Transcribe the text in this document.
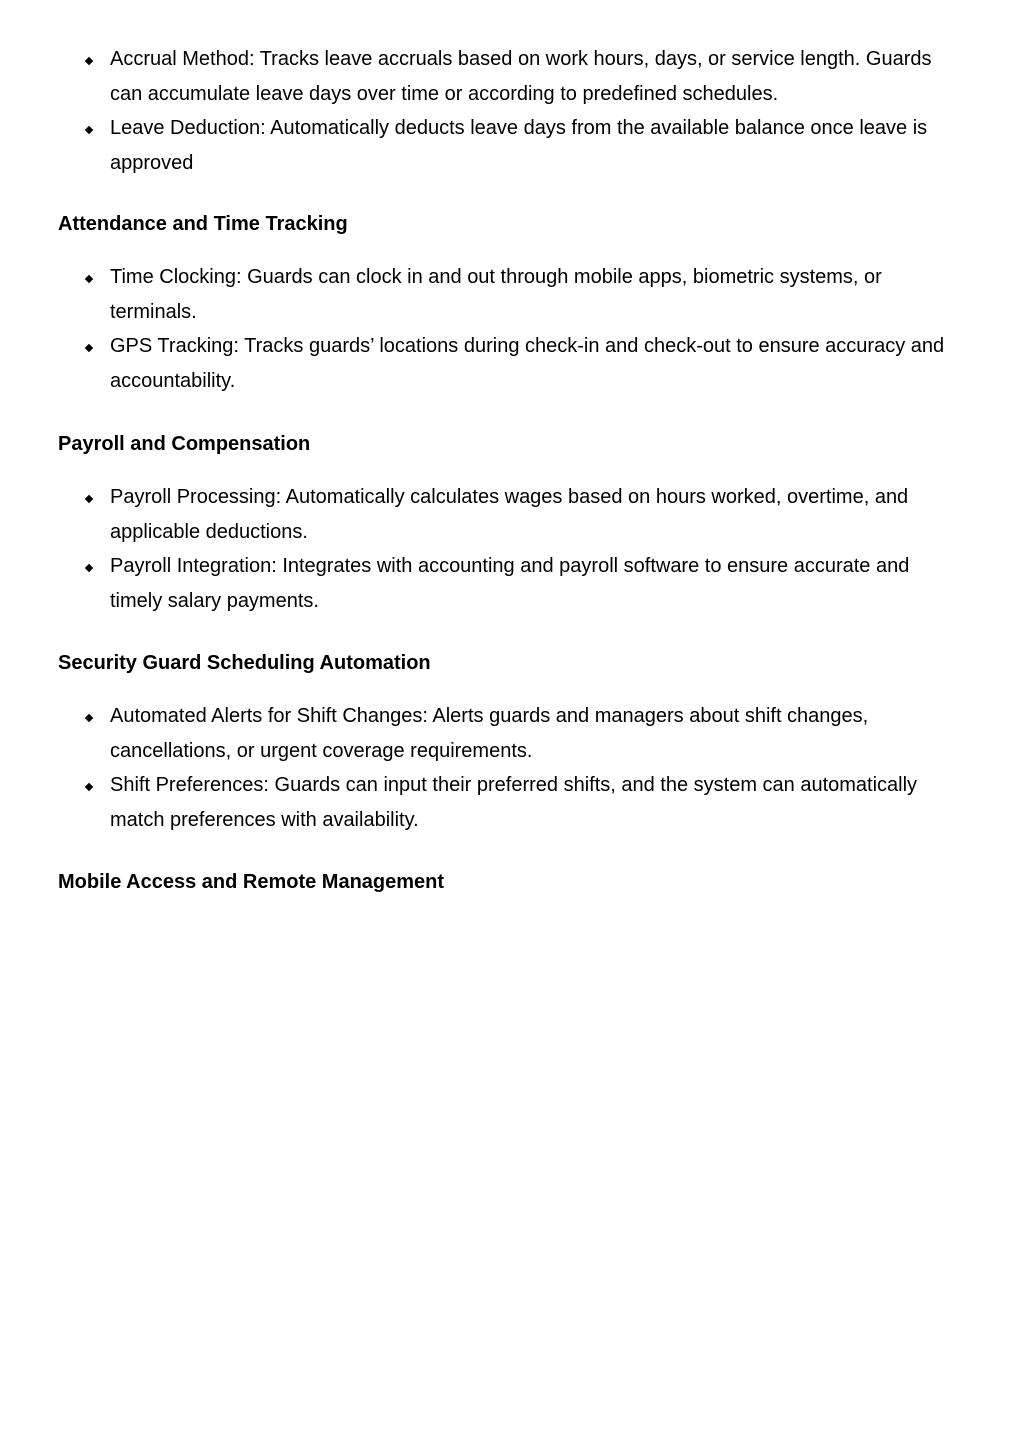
Accrual Method: Tracks leave accruals based on work hours, days, or service length. Guards can accumulate leave days over time or according to predefined schedules.
Leave Deduction: Automatically deducts leave days from the available balance once leave is approved
Attendance and Time Tracking
Time Clocking: Guards can clock in and out through mobile apps, biometric systems, or terminals.
GPS Tracking: Tracks guards’ locations during check-in and check-out to ensure accuracy and accountability.
Payroll and Compensation
Payroll Processing: Automatically calculates wages based on hours worked, overtime, and applicable deductions.
Payroll Integration: Integrates with accounting and payroll software to ensure accurate and timely salary payments.
Security Guard Scheduling Automation
Automated Alerts for Shift Changes: Alerts guards and managers about shift changes, cancellations, or urgent coverage requirements.
Shift Preferences: Guards can input their preferred shifts, and the system can automatically match preferences with availability.
Mobile Access and Remote Management
